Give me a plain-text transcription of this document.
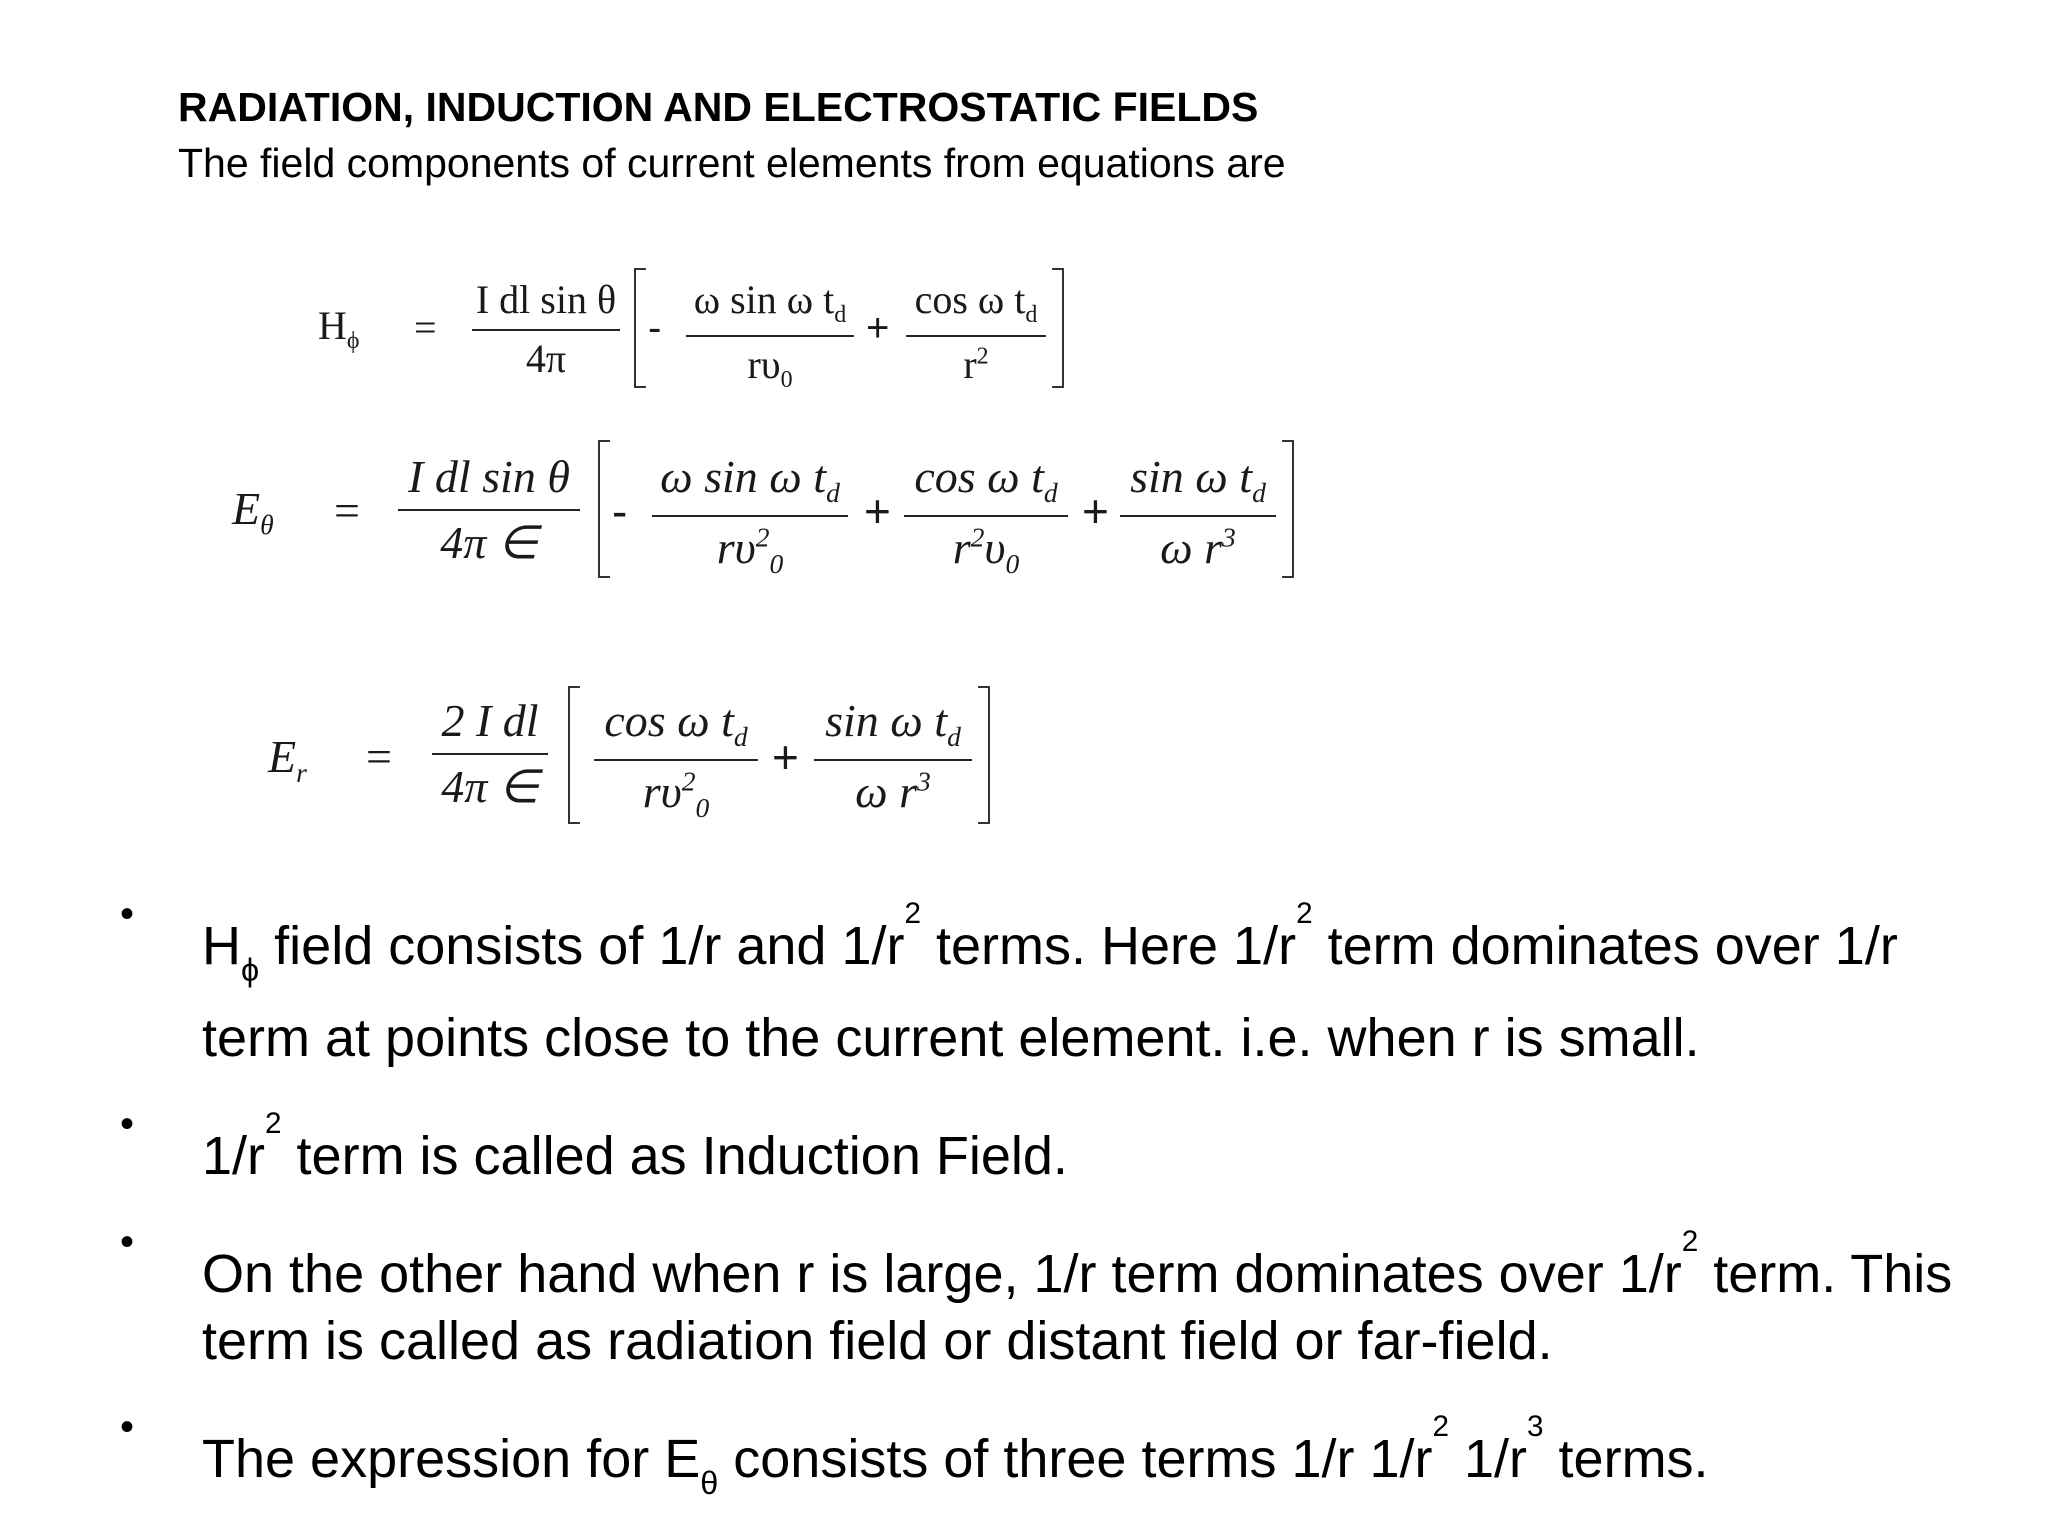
RADIATION, INDUCTION AND ELECTROSTATIC FIELDS
The field components of current elements from equations are
$H_\phi$ =
I dl sin θ
4π
-
ω sin ω $t_d$
$r\upsilon_0$
+
cos ω $t_d$
$r^2$
$E_\theta$ =
I dl sin θ
4π ∈
-
ω sin ω $t_d$
$r\upsilon^2_0$
+
cos ω $t_d$
$r^2\upsilon_0$
+
sin ω $t_d$
ω $r^3$
$E_r$ =
2 I dl
4π ∈
cos ω $t_d$
$r\upsilon^2_0$
+
sin ω $t_d$
ω $r^3$
•
$H_\phi$ field consists of 1/r and $1/r^2$ terms. Here $1/r^2$ term dominates over 1/r term at points close to the current element. i.e. when r is small.
•
$1/r^2$ term is called as Induction Field.
•
On the other hand when r is large, 1/r term dominates over $1/r^2$ term. This term is called as radiation field or distant field or far-field.
•
The expression for $E_\theta$ consists of three terms 1/r $1/r^2$ $1/r^3$ terms.
